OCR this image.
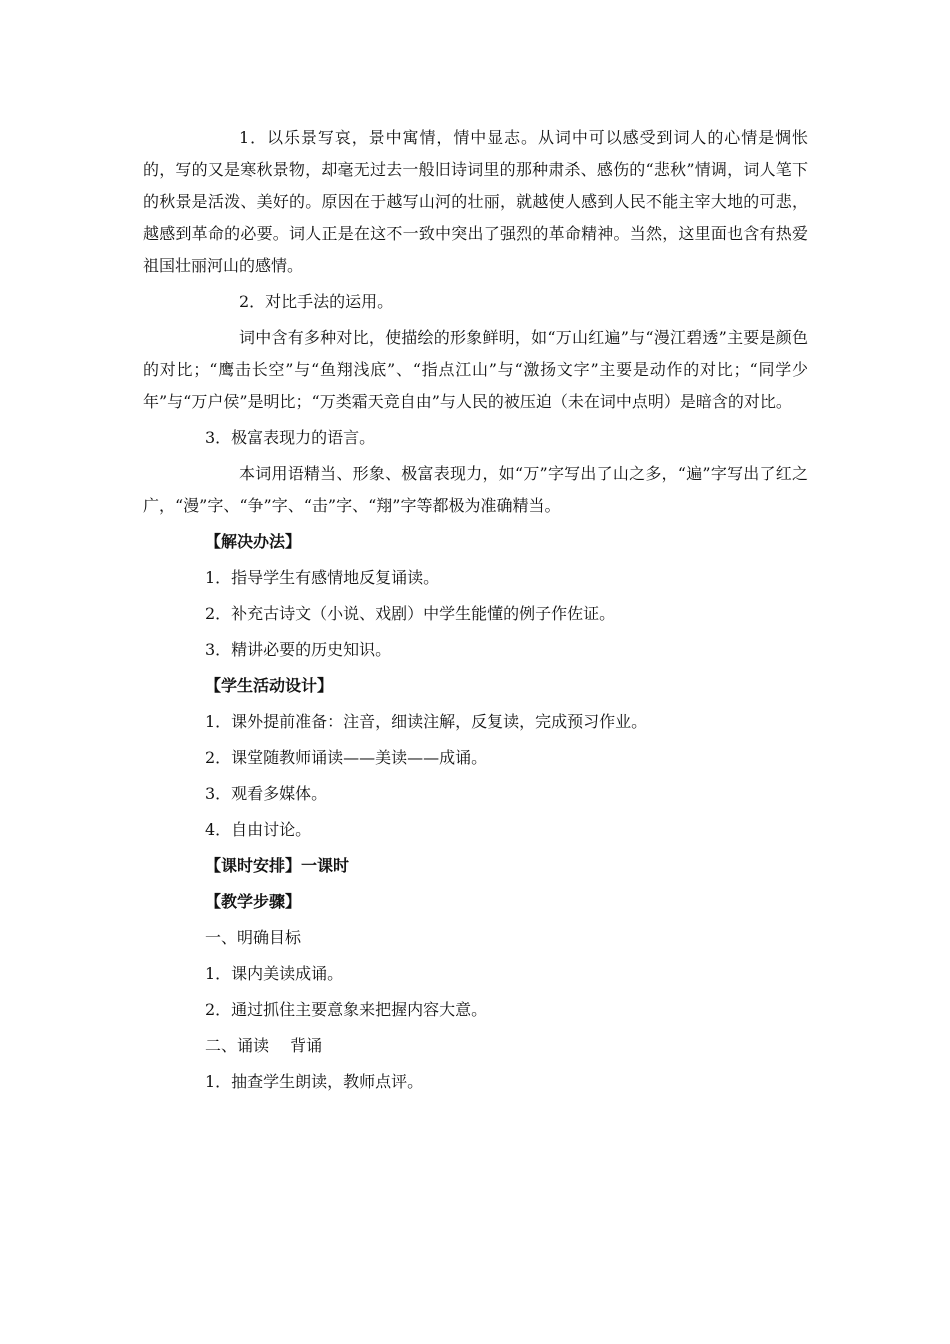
1．以乐景写哀，景中寓情，情中显志。从词中可以感受到词人的心情是惆怅的，写的又是寒秋景物，却毫无过去一般旧诗词里的那种肃杀、感伤的“悲秋”情调，词人笔下的秋景是活泼、美好的。原因在于越写山河的壮丽，就越使人感到人民不能主宰大地的可悲，越感到革命的必要。词人正是在这不一致中突出了强烈的革命精神。当然，这里面也含有热爱祖国壮丽河山的感情。

2．对比手法的运用。

词中含有多种对比，使描绘的形象鲜明，如“万山红遍”与“漫江碧透”主要是颜色的对比；“鹰击长空”与“鱼翔浅底”、“指点江山”与“激扬文字”主要是动作的对比；“同学少年”与“万户侯”是明比；“万类霜天竞自由”与人民的被压迫（未在词中点明）是暗含的对比。

3．极富表现力的语言。

本词用语精当、形象、极富表现力，如“万”字写出了山之多，“遍”字写出了红之广，“漫”字、“争”字、“击”字、“翔”字等都极为准确精当。

【解决办法】

1．指导学生有感情地反复诵读。

2．补充古诗文（小说、戏剧）中学生能懂的例子作佐证。

3．精讲必要的历史知识。

【学生活动设计】

1．课外提前准备：注音，细读注解，反复读，完成预习作业。

2．课堂随教师诵读——美读——成诵。

3．观看多媒体。

4．自由讨论。

【课时安排】一课时

【教学步骤】

一、明确目标

1．课内美读成诵。

2．通过抓住主要意象来把握内容大意。

二、诵读　 背诵

1．抽查学生朗读，教师点评。
